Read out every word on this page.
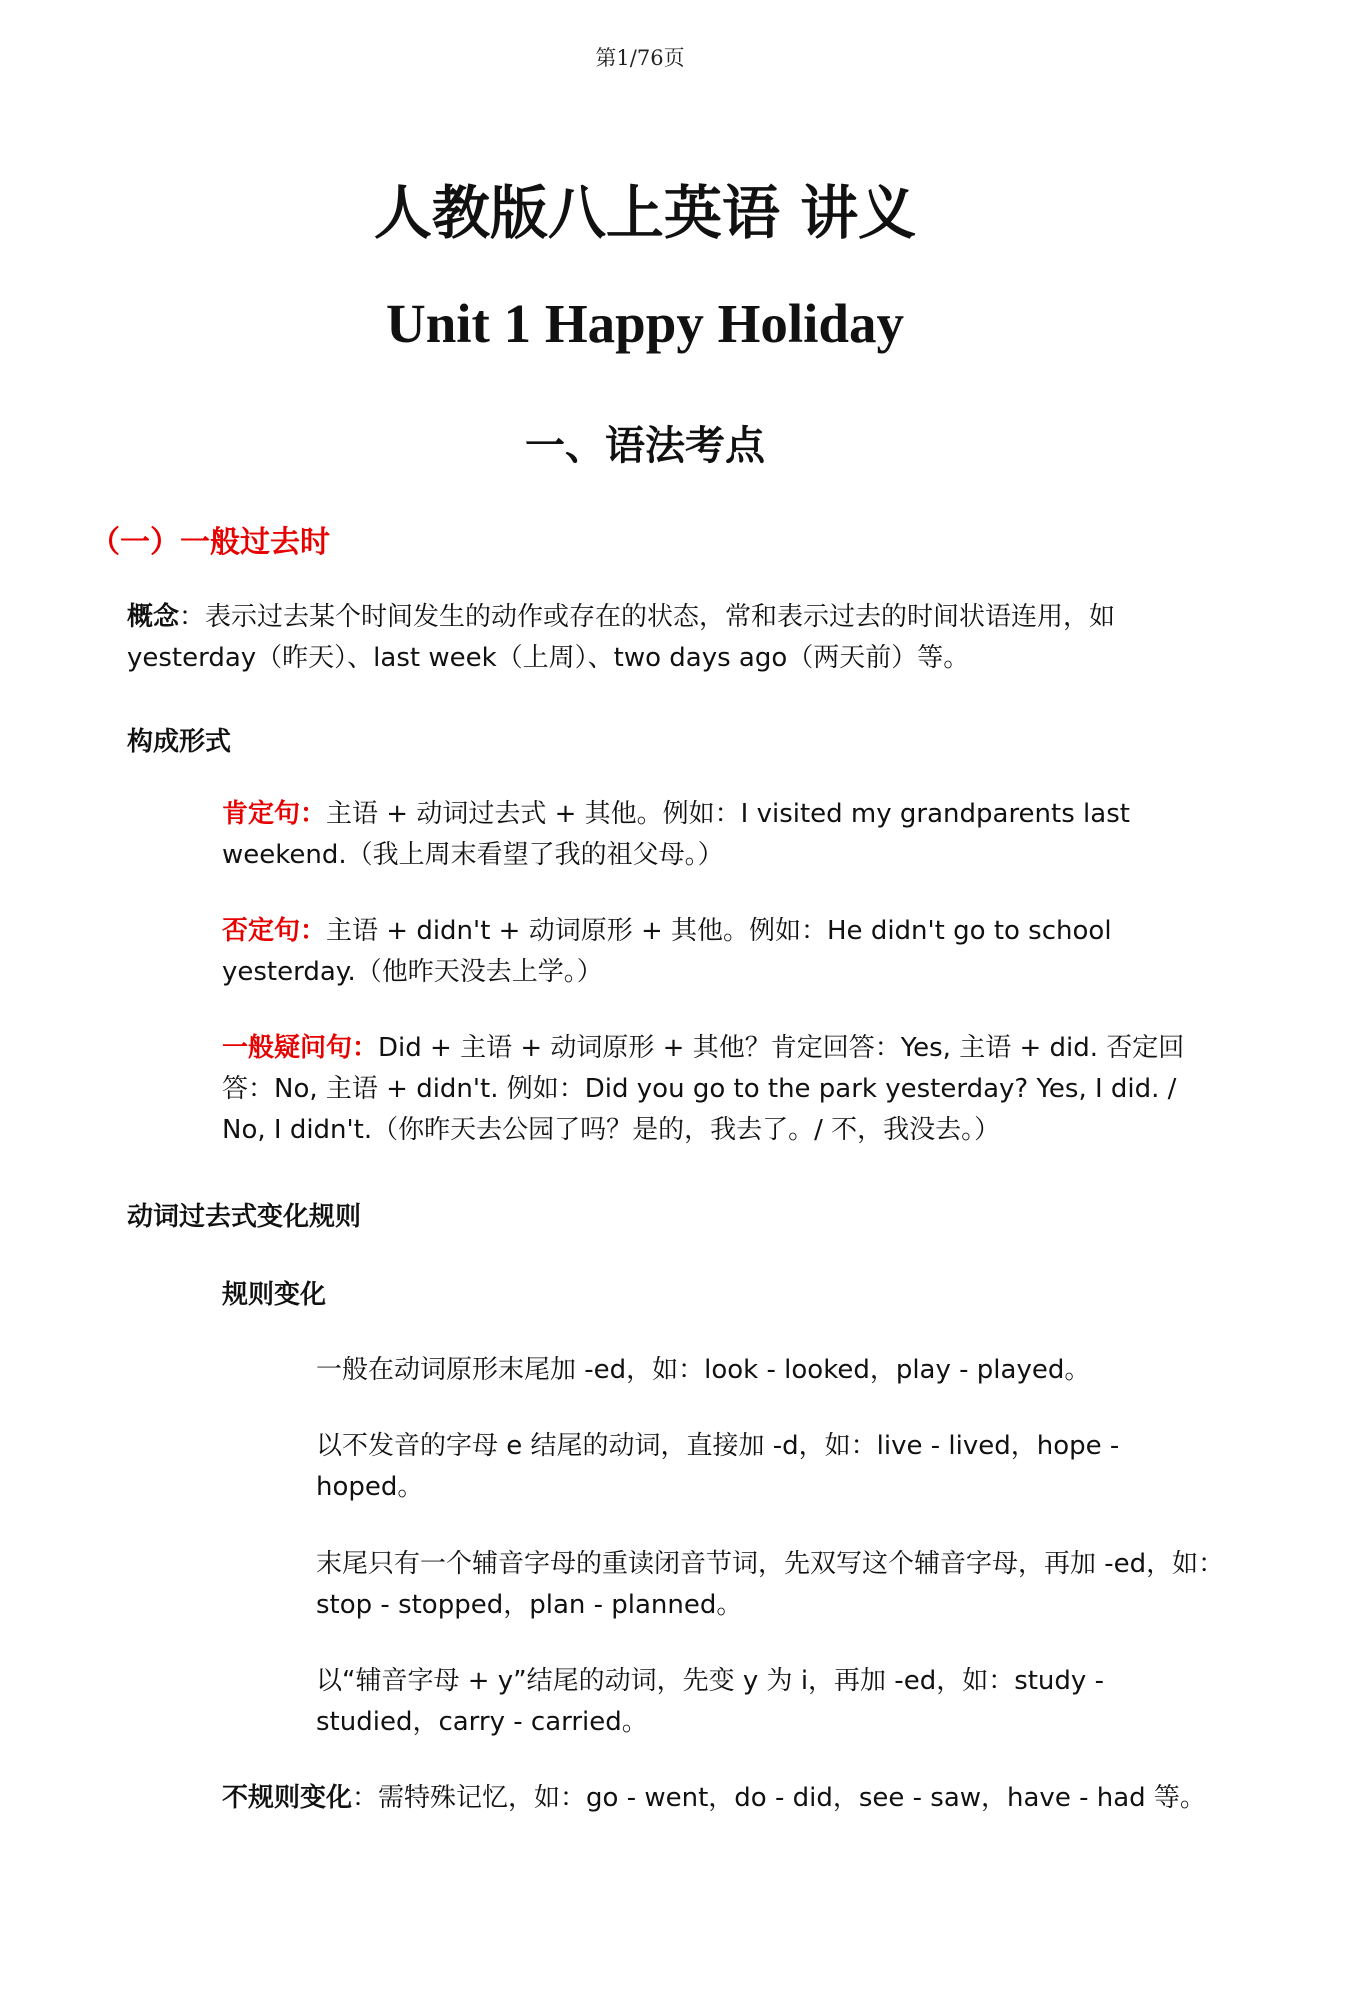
第1/76页
人教版八上英语 讲义
Unit 1 Happy Holiday
一、语法考点
（一）一般过去时
概念：表示过去某个时间发生的动作或存在的状态，常和表示过去的时间状语连用，如 yesterday（昨天）、last week（上周）、two days ago（两天前）等。
构成形式
肯定句：主语 + 动词过去式 + 其他。例如：I visited my grandparents last weekend.（我上周末看望了我的祖父母。）
否定句：主语 + didn't + 动词原形 + 其他。例如：He didn't go to school yesterday.（他昨天没去上学。）
一般疑问句：Did + 主语 + 动词原形 + 其他？肯定回答：Yes, 主语 + did. 否定回答：No, 主语 + didn't. 例如：Did you go to the park yesterday? Yes, I did. / No, I didn't.（你昨天去公园了吗？是的，我去了。/ 不，我没去。）
动词过去式变化规则
规则变化
一般在动词原形末尾加 -ed，如：look - looked，play - played。
以不发音的字母 e 结尾的动词，直接加 -d，如：live - lived，hope - hoped。
末尾只有一个辅音字母的重读闭音节词，先双写这个辅音字母，再加 -ed，如：stop - stopped，plan - planned。
以“辅音字母 + y”结尾的动词，先变 y 为 i，再加 -ed，如：study - studied，carry - carried。
不规则变化：需特殊记忆，如：go - went，do - did，see - saw，have - had 等。
